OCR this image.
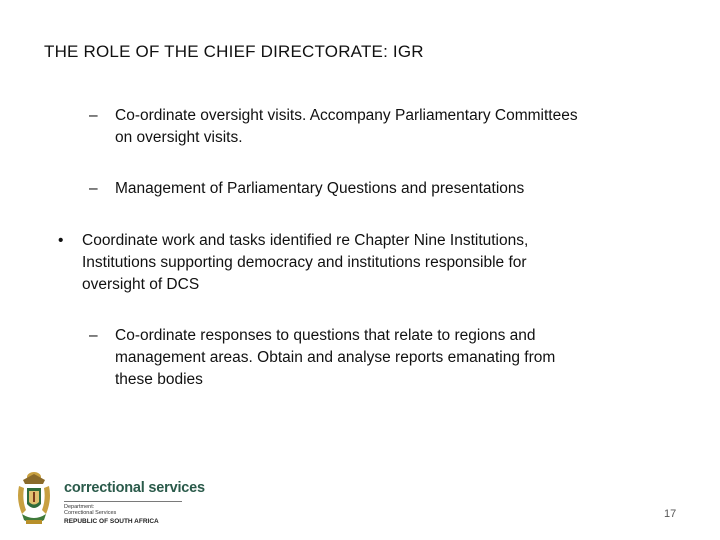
THE ROLE OF THE CHIEF DIRECTORATE: IGR
– Co-ordinate oversight visits. Accompany Parliamentary Committees
on oversight visits.
– Management of Parliamentary Questions and presentations
• Coordinate work and tasks identified re Chapter Nine Institutions,
Institutions supporting democracy and institutions responsible for
oversight of DCS
– Co-ordinate responses to questions that relate to regions and
management areas. Obtain and analyse reports emanating from
these bodies
correctional services
Department:
Correctional Services
REPUBLIC OF SOUTH AFRICA
17
